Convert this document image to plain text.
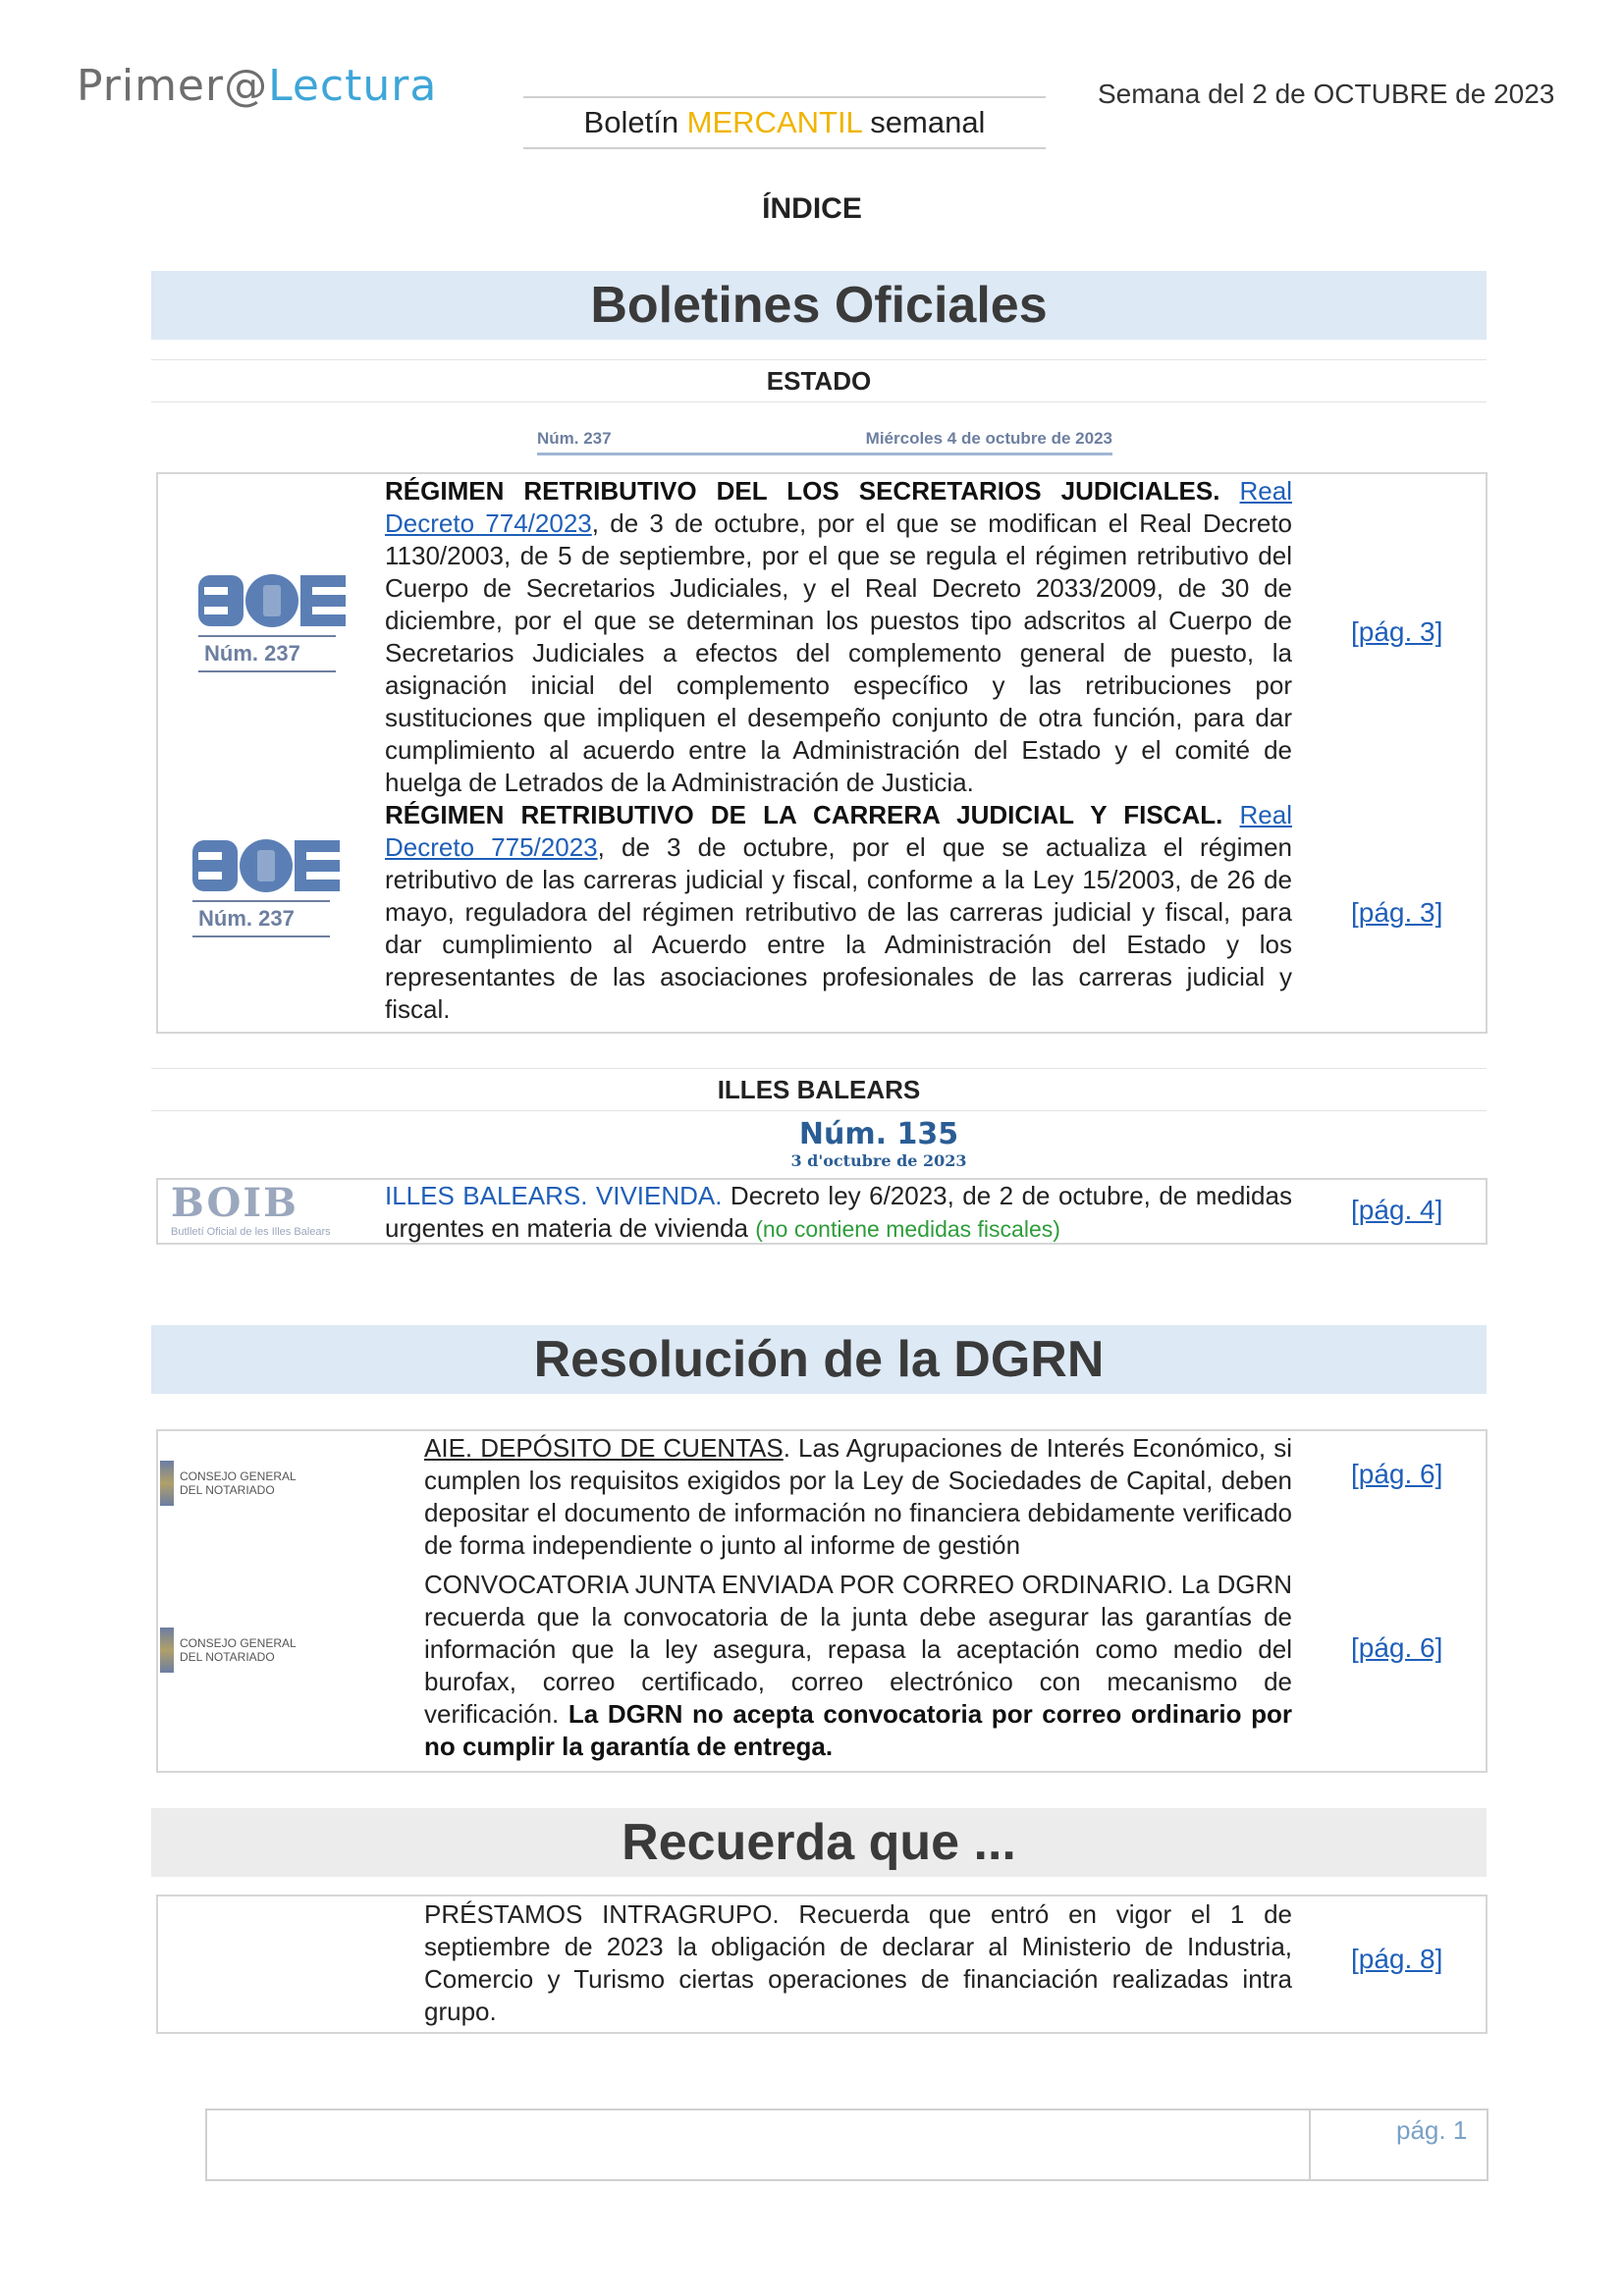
Primer@Lectura
Boletín MERCANTIL semanal
Semana del 2 de OCTUBRE de 2023
ÍNDICE
Boletines Oficiales
ESTADO
Núm. 237	Miércoles 4 de octubre de 2023
Núm. 237
Núm. 237
RÉGIMEN RETRIBUTIVO DEL LOS SECRETARIOS JUDICIALES. Real Decreto 774/2023, de 3 de octubre, por el que se modifican el Real Decreto 1130/2003, de 5 de septiembre, por el que se regula el régimen retributivo del Cuerpo de Secretarios Judiciales, y el Real Decreto 2033/2009, de 30 de diciembre, por el que se determinan los puestos tipo adscritos al Cuerpo de Secretarios Judiciales a efectos del complemento general de puesto, la asignación inicial del complemento específico y las retribuciones por sustituciones que impliquen el desempeño conjunto de otra función, para dar cumplimiento al acuerdo entre la Administración del Estado y el comité de huelga de Letrados de la Administración de Justicia.
[pág. 3]
RÉGIMEN RETRIBUTIVO DE LA CARRERA JUDICIAL Y FISCAL. Real Decreto 775/2023, de 3 de octubre, por el que se actualiza el régimen retributivo de las carreras judicial y fiscal, conforme a la Ley 15/2003, de 26 de mayo, reguladora del régimen retributivo de las carreras judicial y fiscal, para dar cumplimiento al Acuerdo entre la Administración del Estado y los representantes de las asociaciones profesionales de las carreras judicial y fiscal.
[pág. 3]
ILLES BALEARS
Núm. 135
3 d'octubre de 2023
BOIB
Butlletí Oficial de les Illes Balears
ILLES BALEARS. VIVIENDA. Decreto ley 6/2023, de 2 de octubre, de medidas urgentes en materia de vivienda (no contiene medidas fiscales)
[pág. 4]
Resolución de la DGRN
CONSEJO GENERAL
DEL NOTARIADO
CONSEJO GENERAL
DEL NOTARIADO
AIE. DEPÓSITO DE CUENTAS. Las Agrupaciones de Interés Económico, si cumplen los requisitos exigidos por la Ley de Sociedades de Capital, deben depositar el documento de información no financiera debidamente verificado de forma independiente o junto al informe de gestión
[pág. 6]
CONVOCATORIA JUNTA ENVIADA POR CORREO ORDINARIO. La DGRN recuerda que la convocatoria de la junta debe asegurar las garantías de información que la ley asegura, repasa la aceptación como medio del burofax, correo certificado, correo electrónico con mecanismo de verificación. La DGRN no acepta convocatoria por correo ordinario por no cumplir la garantía de entrega.
[pág. 6]
Recuerda que ...
PRÉSTAMOS INTRAGRUPO. Recuerda que entró en vigor el 1 de septiembre de 2023 la obligación de declarar al Ministerio de Industria, Comercio y Turismo ciertas operaciones de financiación realizadas intra grupo.
[pág. 8]
pág. 1
